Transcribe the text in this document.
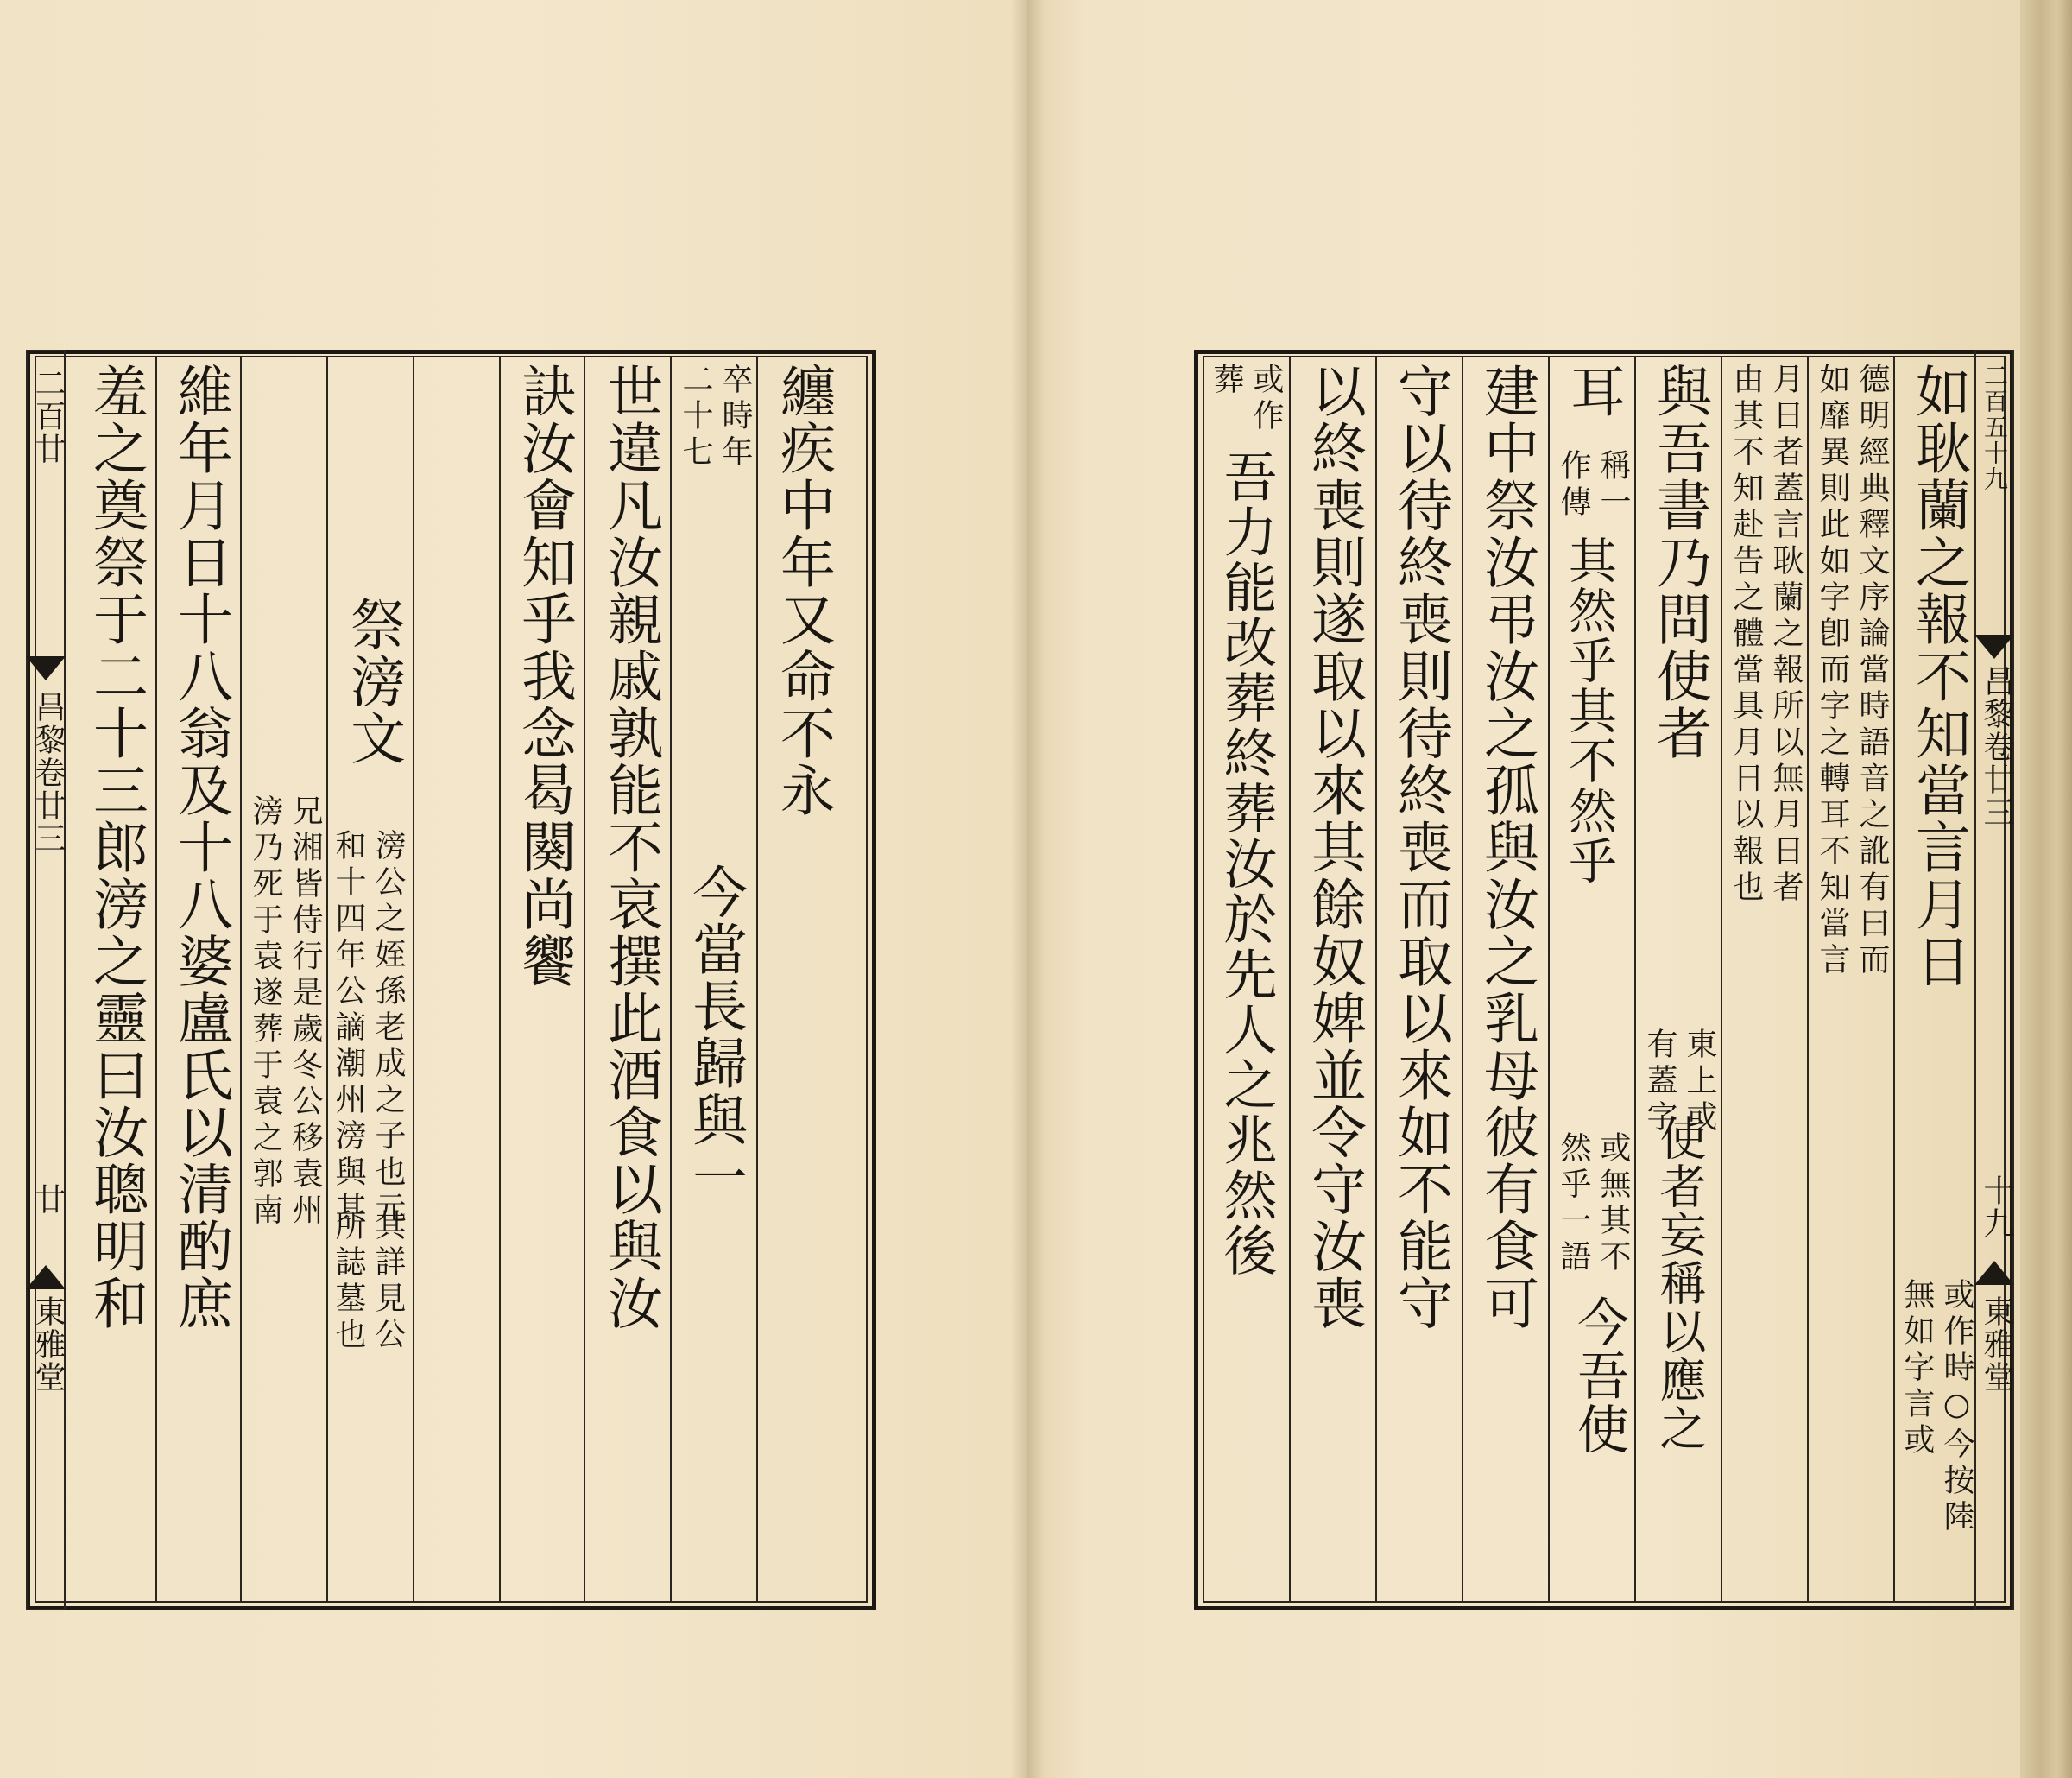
二百廿
昌黎卷廿三
廿
東雅堂
纏疾中年又命不永
卒時年
二十七
今當長歸與一
世違凡汝親戚孰能不哀撰此酒食以與汝
訣汝會知乎我念曷闋尚饗
祭滂文
滂公之姪孫老成之子也元
和十四年公謫潮州滂與其
兄湘皆侍行是歲冬公移袁州
滂乃死于袁遂葬于袁之郭南
其詳見公
所誌墓也
維年月日十八翁及十八婆盧氏以清酌庶
羞之奠祭于二十三郎滂之靈曰汝聰明和	二百五十九
昌黎卷廿三
十九
東雅堂
如耿蘭之報不知當言月日
或作時○今按陸
無如字言或
德明經典釋文序論當時語音之訛有曰而
如靡異則此如字卽而字之轉耳不知當言
月日者蓋言耿蘭之報所以無月日者
由其不知赴告之體當具月日以報也
與吾書乃問使者
東上或
有蓋字
使者妄稱以應之
耳
稱一
作傳
其然乎其不然乎
或無其不
然乎一語
今吾使
建中祭汝弔汝之孤與汝之乳母彼有食可
守以待終喪則待終喪而取以來如不能守
以終喪則遂取以來其餘奴婢並令守汝喪
或作
葬
吾力能改葬終葬汝於先人之兆然後
